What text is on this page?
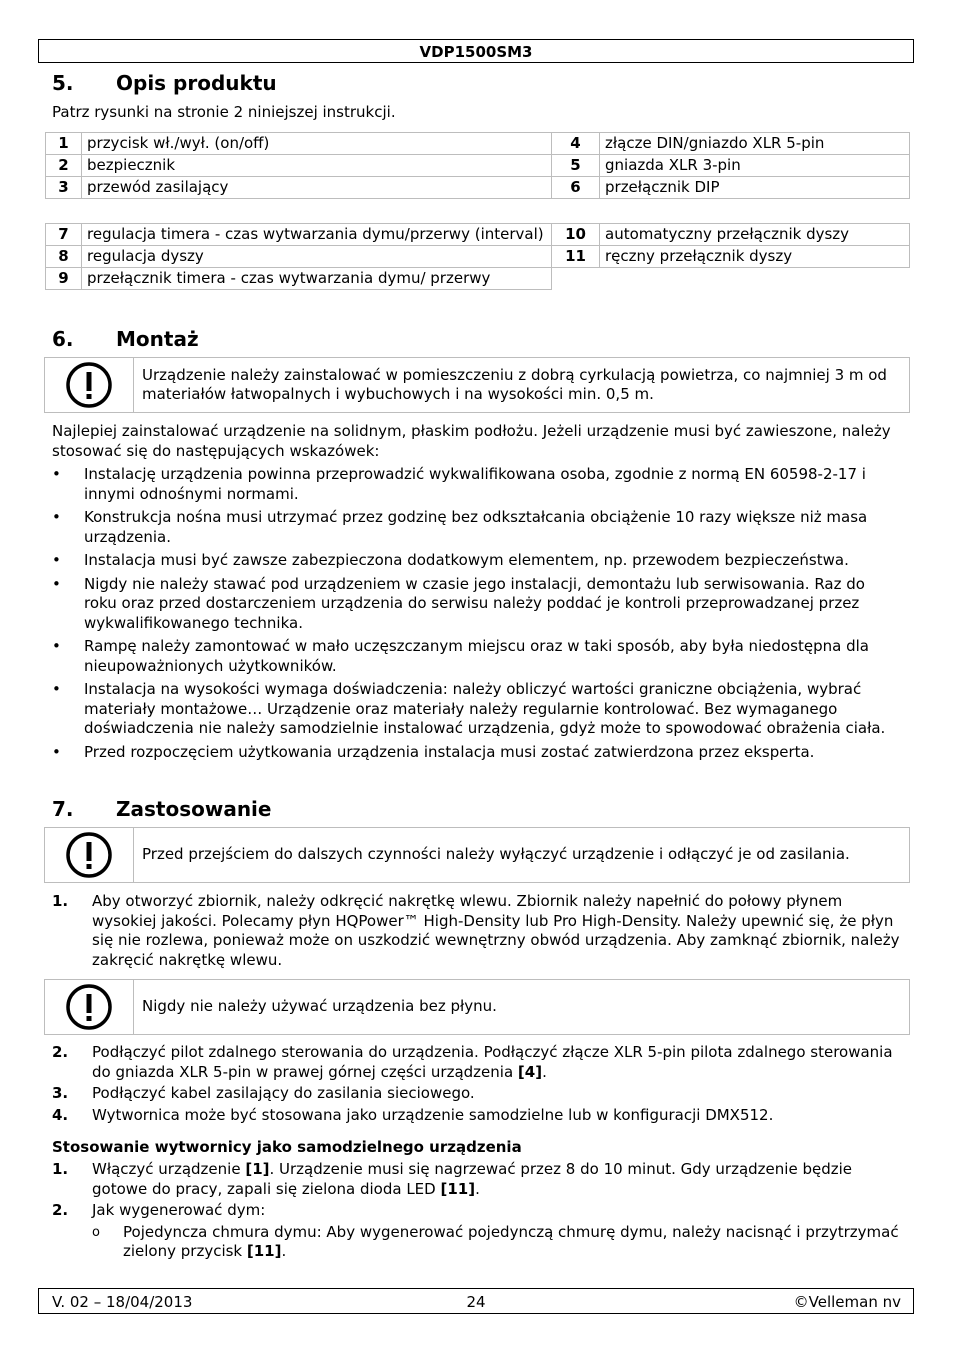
VDP1500SM3
5. Opis produktu
Patrz rysunki na stronie 2 niniejszej instrukcji.
1	przycisk wł./wył. (on/off)	4	złącze DIN/gniazdo XLR 5-pin
2	bezpiecznik	5	gniazda XLR 3-pin
3	przewód zasilający	6	przełącznik DIP
7	regulacja timera - czas wytwarzania dymu/przerwy (interval)	10	automatyczny przełącznik dyszy
8	regulacja dyszy	11	ręczny przełącznik dyszy
9	przełącznik timera - czas wytwarzania dymu/ przerwy		
6. Montaż
Urządzenie należy zainstalować w pomieszczeniu z dobrą cyrkulacją powietrza, co najmniej 3 m od materiałów łatwopalnych i wybuchowych i na wysokości min. 0,5 m.
Najlepiej zainstalować urządzenie na solidnym, płaskim podłożu. Jeżeli urządzenie musi być zawieszone, należy stosować się do następujących wskazówek:
• Instalację urządzenia powinna przeprowadzić wykwalifikowana osoba, zgodnie z normą EN 60598-2-17 i innymi odnośnymi normami.
• Konstrukcja nośna musi utrzymać przez godzinę bez odkształcania obciążenie 10 razy większe niż masa urządzenia.
• Instalacja musi być zawsze zabezpieczona dodatkowym elementem, np. przewodem bezpieczeństwa.
• Nigdy nie należy stawać pod urządzeniem w czasie jego instalacji, demontażu lub serwisowania. Raz do roku oraz przed dostarczeniem urządzenia do serwisu należy poddać je kontroli przeprowadzanej przez wykwalifikowanego technika.
• Rampę należy zamontować w mało uczęszczanym miejscu oraz w taki sposób, aby była niedostępna dla nieupoważnionych użytkowników.
• Instalacja na wysokości wymaga doświadczenia: należy obliczyć wartości graniczne obciążenia, wybrać materiały montażowe… Urządzenie oraz materiały należy regularnie kontrolować. Bez wymaganego doświadczenia nie należy samodzielnie instalować urządzenia, gdyż może to spowodować obrażenia ciała.
• Przed rozpoczęciem użytkowania urządzenia instalacja musi zostać zatwierdzona przez eksperta.
7. Zastosowanie
Przed przejściem do dalszych czynności należy wyłączyć urządzenie i odłączyć je od zasilania.
1. Aby otworzyć zbiornik, należy odkręcić nakrętkę wlewu. Zbiornik należy napełnić do połowy płynem wysokiej jakości. Polecamy płyn HQPower™ High-Density lub Pro High-Density. Należy upewnić się, że płyn się nie rozlewa, ponieważ może on uszkodzić wewnętrzny obwód urządzenia. Aby zamknąć zbiornik, należy zakręcić nakrętkę wlewu.
Nigdy nie należy używać urządzenia bez płynu.
2. Podłączyć pilot zdalnego sterowania do urządzenia. Podłączyć złącze XLR 5-pin pilota zdalnego sterowania do gniazda XLR 5-pin w prawej górnej części urządzenia [4].
3. Podłączyć kabel zasilający do zasilania sieciowego.
4. Wytwornica może być stosowana jako urządzenie samodzielne lub w konfiguracji DMX512.
Stosowanie wytwornicy jako samodzielnego urządzenia
1. Włączyć urządzenie [1]. Urządzenie musi się nagrzewać przez 8 do 10 minut. Gdy urządzenie będzie gotowe do pracy, zapali się zielona dioda LED [11].
2. Jak wygenerować dym:
o Pojedyncza chmura dymu: Aby wygenerować pojedynczą chmurę dymu, należy nacisnąć i przytrzymać zielony przycisk [11].
V. 02 – 18/04/2013	24	©Velleman nv
